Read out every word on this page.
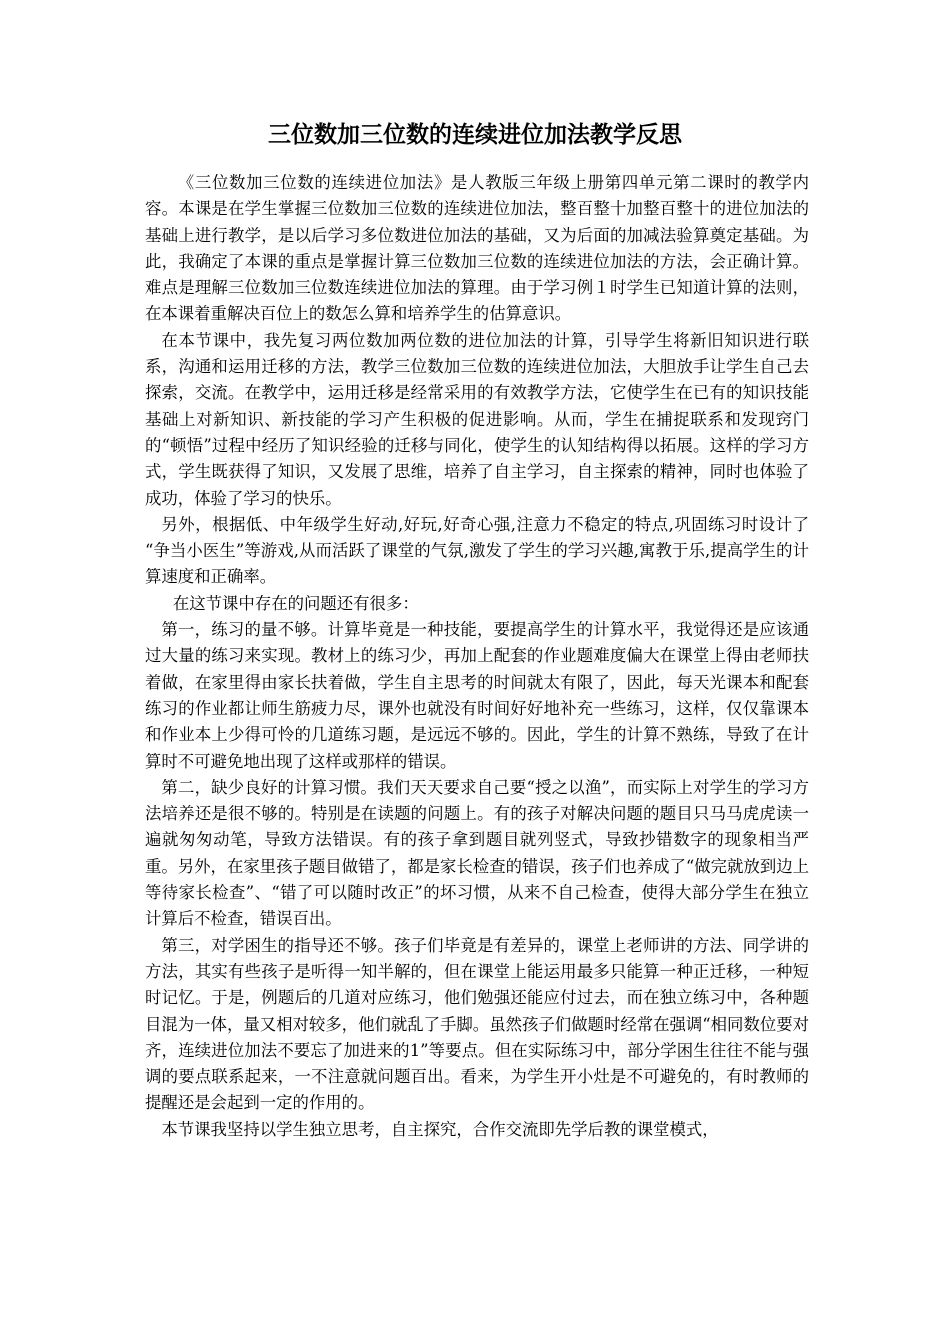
三位数加三位数的连续进位加法教学反思

《三位数加三位数的连续进位加法》是人教版三年级上册第四单元第二课时的教学内容。本课是在学生掌握三位数加三位数的连续进位加法，整百整十加整百整十的进位加法的基础上进行教学，是以后学习多位数进位加法的基础，又为后面的加减法验算奠定基础。为此，我确定了本课的重点是掌握计算三位数加三位数的连续进位加法的方法，会正确计算。难点是理解三位数加三位数连续进位加法的算理。由于学习例１时学生已知道计算的法则，在本课着重解决百位上的数怎么算和培养学生的估算意识。

在本节课中，我先复习两位数加两位数的进位加法的计算，引导学生将新旧知识进行联系，沟通和运用迁移的方法，教学三位数加三位数的连续进位加法，大胆放手让学生自己去探索，交流。在教学中，运用迁移是经常采用的有效教学方法，它使学生在已有的知识技能基础上对新知识、新技能的学习产生积极的促进影响。从而，学生在捕捉联系和发现窍门的“顿悟”过程中经历了知识经验的迁移与同化，使学生的认知结构得以拓展。这样的学习方式，学生既获得了知识，又发展了思维，培养了自主学习，自主探索的精神，同时也体验了成功，体验了学习的快乐。

另外，根据低、中年级学生好动,好玩,好奇心强,注意力不稳定的特点,巩固练习时设计了 “争当小医生”等游戏,从而活跃了课堂的气氛,激发了学生的学习兴趣,寓教于乐,提高学生的计算速度和正确率。

在这节课中存在的问题还有很多：

第一，练习的量不够。计算毕竟是一种技能，要提高学生的计算水平，我觉得还是应该通过大量的练习来实现。教材上的练习少，再加上配套的作业题难度偏大在课堂上得由老师扶着做，在家里得由家长扶着做，学生自主思考的时间就太有限了，因此，每天光课本和配套练习的作业都让师生筋疲力尽，课外也就没有时间好好地补充一些练习，这样，仅仅靠课本和作业本上少得可怜的几道练习题，是远远不够的。因此，学生的计算不熟练，导致了在计算时不可避免地出现了这样或那样的错误。

第二，缺少良好的计算习惯。我们天天要求自己要“授之以渔”，而实际上对学生的学习方法培养还是很不够的。特别是在读题的问题上。有的孩子对解决问题的题目只马马虎虎读一遍就匆匆动笔，导致方法错误。有的孩子拿到题目就列竖式，导致抄错数字的现象相当严重。另外，在家里孩子题目做错了，都是家长检查的错误，孩子们也养成了“做完就放到边上等待家长检查”、“错了可以随时改正”的坏习惯，从来不自己检查，使得大部分学生在独立计算后不检查，错误百出。

第三，对学困生的指导还不够。孩子们毕竟是有差异的，课堂上老师讲的方法、同学讲的方法，其实有些孩子是听得一知半解的，但在课堂上能运用最多只能算一种正迁移，一种短时记忆。于是，例题后的几道对应练习，他们勉强还能应付过去，而在独立练习中，各种题目混为一体，量又相对较多，他们就乱了手脚。虽然孩子们做题时经常在强调“相同数位要对齐，连续进位加法不要忘了加进来的1”等要点。但在实际练习中，部分学困生往往不能与强调的要点联系起来，一不注意就问题百出。看来，为学生开小灶是不可避免的，有时教师的提醒还是会起到一定的作用的。

本节课我坚持以学生独立思考，自主探究，合作交流即先学后教的课堂模式，
